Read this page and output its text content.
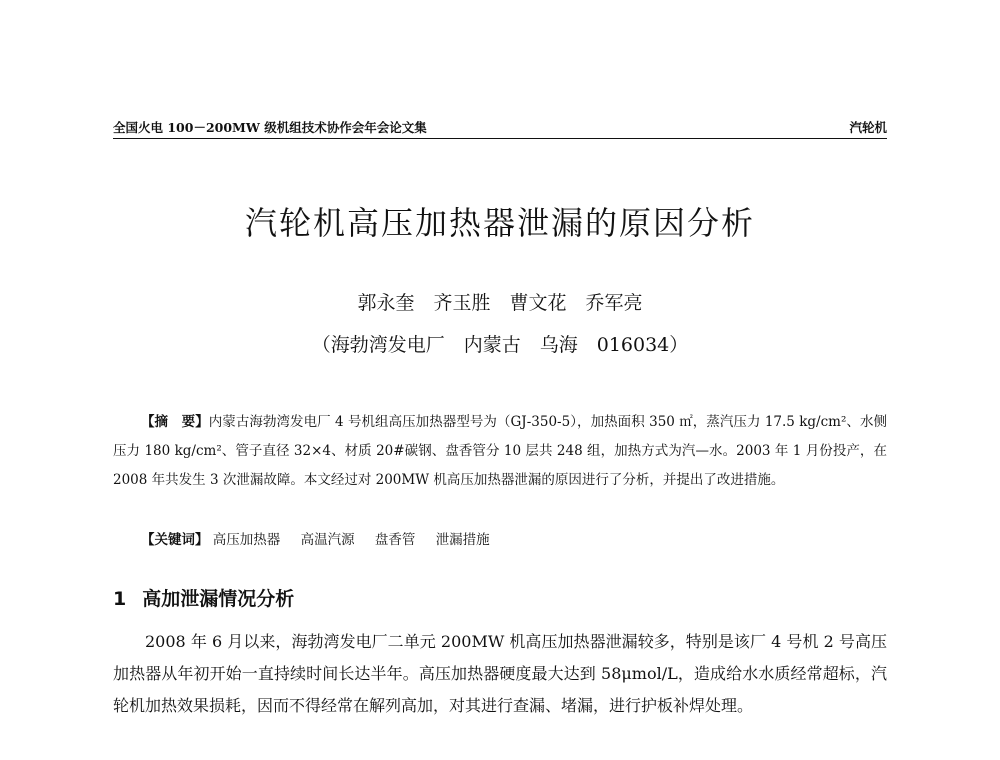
全国火电 100－200MW 级机组技术协作会年会论文集	汽轮机
汽轮机高压加热器泄漏的原因分析
郭永奎　齐玉胜　曹文花　乔军亮
（海勃湾发电厂　内蒙古　乌海　016034）
【摘　要】内蒙古海勃湾发电厂 4 号机组高压加热器型号为（GJ-350-5），加热面积 350 ㎡，蒸汽压力 17.5 kg/cm²、水侧压力 180 kg/cm²、管子直径 32×4、材质 20#碳钢、盘香管分 10 层共 248 组，加热方式为汽—水。2003 年 1 月份投产，在 2008 年共发生 3 次泄漏故障。本文经过对 200MW 机高压加热器泄漏的原因进行了分析，并提出了改进措施。
【关键词】 高压加热器 高温汽源 盘香管 泄漏措施
1 高加泄漏情况分析
2008 年 6 月以来，海勃湾发电厂二单元 200MW 机高压加热器泄漏较多，特别是该厂 4 号机 2 号高压加热器从年初开始一直持续时间长达半年。高压加热器硬度最大达到 58μmol/L，造成给水水质经常超标，汽轮机加热效果损耗，因而不得经常在解列高加，对其进行查漏、堵漏，进行护板补焊处理。
